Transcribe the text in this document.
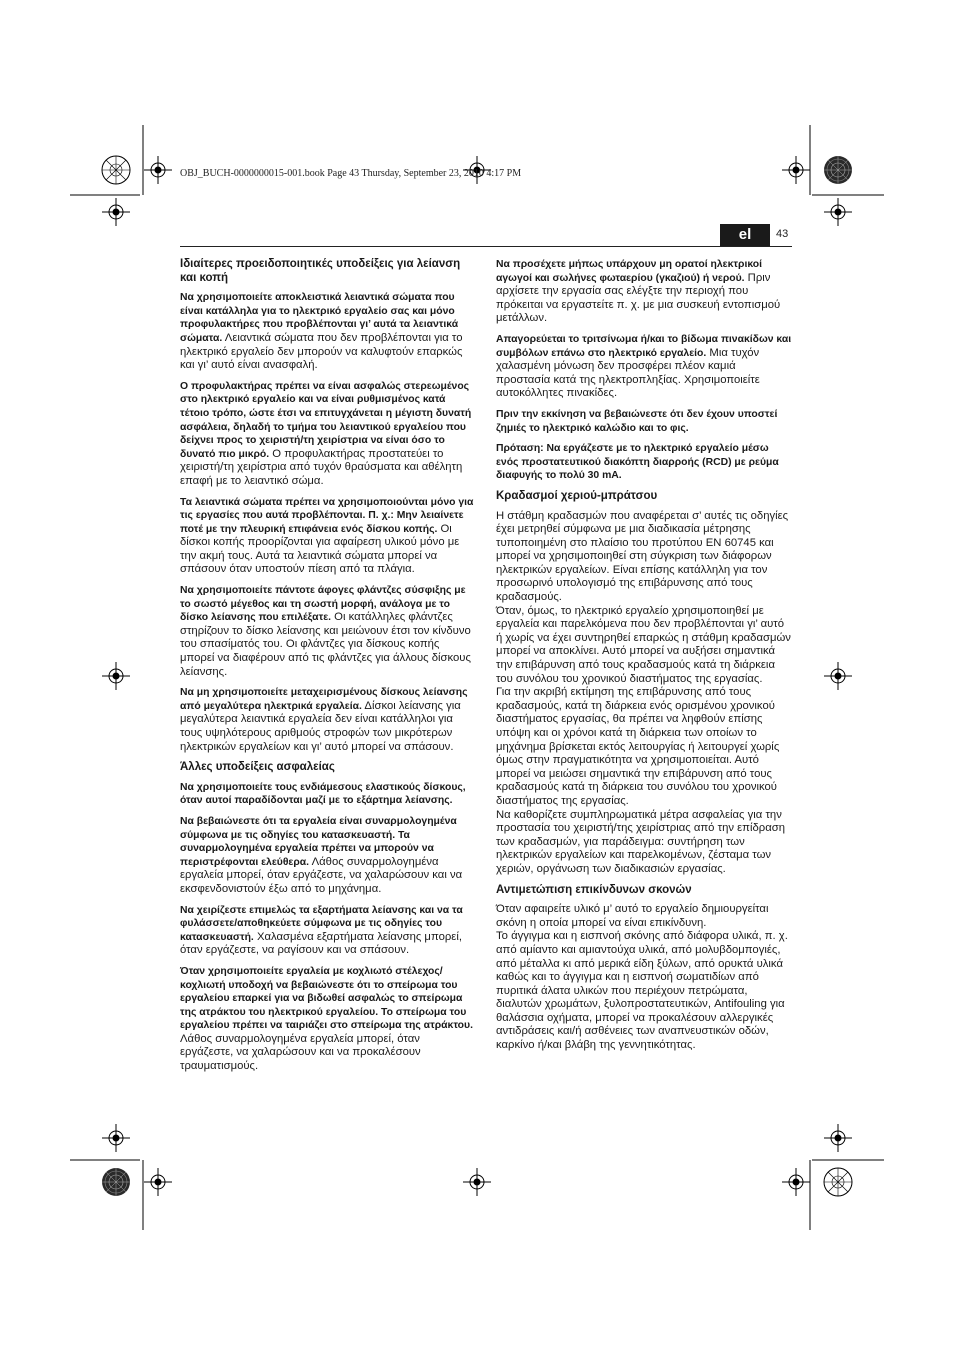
OBJ_BUCH-0000000015-001.book Page 43 Thursday, September 23, 2010 4:17 PM
el	43
Ιδιαίτερες προειδοποιητικές υποδείξεις για λείανση και κοπή

Να χρησιμοποιείτε αποκλειστικά λειαντικά σώματα που είναι κατάλληλα για το ηλεκτρικό εργαλείο σας και μόνο προφυλακτήρες που προβλέπονται γι’ αυτά τα λειαντικά σώματα. Λειαντικά σώματα που δεν προβλέπονται για το ηλεκτρικό εργαλείο δεν μπορούν να καλυφτούν επαρκώς και γι’ αυτό είναι ανασφαλή.

Ο προφυλακτήρας πρέπει να είναι ασφαλώς στερεωμένος στο ηλεκτρικό εργαλείο και να είναι ρυθμισμένος κατά τέτοιο τρόπο, ώστε έτσι να επιτυγχάνεται η μέγιστη δυνατή ασφάλεια, δηλαδή το τμήμα του λειαντικού εργαλείου που δείχνει προς το χειριστή/τη χειρίστρια να είναι όσο το δυνατό πιο μικρό. Ο προφυλακτήρας προστατεύει το χειριστή/τη χειρίστρια από τυχόν θραύσματα και αθέλητη επαφή με το λειαντικό σώμα.

Τα λειαντικά σώματα πρέπει να χρησιμοποιούνται μόνο για τις εργασίες που αυτά προβλέπονται. Π. χ.: Μην λειαίνετε ποτέ με την πλευρική επιφάνεια ενός δίσκου κοπής. Οι δίσκοι κοπής προορίζονται για αφαίρεση υλικού μόνο με την ακμή τους. Αυτά τα λειαντικά σώματα μπορεί να σπάσουν όταν υποστούν πίεση από τα πλάγια.

Να χρησιμοποιείτε πάντοτε άφογες φλάντζες σύσφιξης με το σωστό μέγεθος και τη σωστή μορφή, ανάλογα με το δίσκο λείανσης που επιλέξατε. Οι κατάλληλες φλάντζες στηρίζουν το δίσκο λείανσης και μειώνουν έτσι τον κίνδυνο του σπασίματός του. Οι φλάντζες για δίσκους κοπής μπορεί να διαφέρουν από τις φλάντζες για άλλους δίσκους λείανσης.

Να μη χρησιμοποιείτε μεταχειρισμένους δίσκους λείανσης από μεγαλύτερα ηλεκτρικά εργαλεία. Δίσκοι λείανσης για μεγαλύτερα λειαντικά εργαλεία δεν είναι κατάλληλοι για τους υψηλότερους αριθμούς στροφών των μικρότερων ηλεκτρικών εργαλείων και γι’ αυτό μπορεί να σπάσουν.

Άλλες υποδείξεις ασφαλείας

Να χρησιμοποιείτε τους ενδιάμεσους ελαστικούς δίσκους, όταν αυτοί παραδίδονται μαζί με το εξάρτημα λείανσης.

Να βεβαιώνεστε ότι τα εργαλεία είναι συναρμολογημένα σύμφωνα με τις οδηγίες του κατασκευαστή. Τα συναρμολογημένα εργαλεία πρέπει να μπορούν να περιστρέφονται ελεύθερα. Λάθος συναρμολογημένα εργαλεία μπορεί, όταν εργάζεστε, να χαλαρώσουν και να εκσφενδονιστούν έξω από το μηχάνημα.

Να χειρίζεστε επιμελώς τα εξαρτήματα λείανσης και να τα φυλάσσετε/αποθηκεύετε σύμφωνα με τις οδηγίες του κατασκευαστή. Χαλασμένα εξαρτήματα λείανσης μπορεί, όταν εργάζεστε, να ραγίσουν και να σπάσουν.

Όταν χρησιμοποιείτε εργαλεία με κοχλιωτό στέλεχος/κοχλιωτή υποδοχή να βεβαιώνεστε ότι το σπείρωμα του εργαλείου επαρκεί για να βιδωθεί ασφαλώς το σπείρωμα της ατράκτου του ηλεκτρικού εργαλείου. Το σπείρωμα του εργαλείου πρέπει να ταιριάζει στο σπείρωμα της ατράκτου. Λάθος συναρμολογημένα εργαλεία μπορεί, όταν εργάζεστε, να χαλαρώσουν και να προκαλέσουν τραυματισμούς.

Να προσέχετε μήπως υπάρχουν μη ορατοί ηλεκτρικοί αγωγοί και σωλήνες φωταερίου (γκαζιού) ή νερού. Πριν αρχίσετε την εργασία σας ελέγξτε την περιοχή που πρόκειται να εργαστείτε π. χ. με μια συσκευή εντοπισμού μετάλλων.

Απαγορεύεται το τριτσίνωμα ή/και το βίδωμα πινακίδων και συμβόλων επάνω στο ηλεκτρικό εργαλείο. Μια τυχόν χαλασμένη μόνωση δεν προσφέρει πλέον καμιά προστασία κατά της ηλεκτροπληξίας. Χρησιμοποιείτε αυτοκόλλητες πινακίδες.

Πριν την εκκίνηση να βεβαιώνεστε ότι δεν έχουν υποστεί ζημιές το ηλεκτρικό καλώδιο και το φις.

Πρόταση: Να εργάζεστε με το ηλεκτρικό εργαλείο μέσω ενός προστατευτικού διακόπτη διαρροής (RCD) με ρεύμα διαφυγής το πολύ 30 mA.

Κραδασμοί χεριού-μπράτσου

Η στάθμη κραδασμών που αναφέρεται σ’ αυτές τις οδηγίες έχει μετρηθεί σύμφωνα με μια διαδικασία μέτρησης τυποποιημένη στο πλαίσιο του προτύπου EN 60745 και μπορεί να χρησιμοποιηθεί στη σύγκριση των διάφορων ηλεκτρικών εργαλείων. Είναι επίσης κατάλληλη για τον προσωρινό υπολογισμό της επιβάρυνσης από τους κραδασμούς.

Όταν, όμως, το ηλεκτρικό εργαλείο χρησιμοποιηθεί με εργαλεία και παρελκόμενα που δεν προβλέπονται γι’ αυτό ή χωρίς να έχει συντηρηθεί επαρκώς η στάθμη κραδασμών μπορεί να αποκλίνει. Αυτό μπορεί να αυξήσει σημαντικά την επιβάρυνση από τους κραδασμούς κατά τη διάρκεια του συνόλου του χρονικού διαστήματος της εργασίας.

Για την ακριβή εκτίμηση της επιβάρυνσης από τους κραδασμούς, κατά τη διάρκεια ενός ορισμένου χρονικού διαστήματος εργασίας, θα πρέπει να ληφθούν επίσης υπόψη και οι χρόνοι κατά τη διάρκεια των οποίων το μηχάνημα βρίσκεται εκτός λειτουργίας ή λειτουργεί χωρίς όμως στην πραγματικότητα να χρησιμοποιείται. Αυτό μπορεί να μειώσει σημαντικά την επιβάρυνση από τους κραδασμούς κατά τη διάρκεια του συνόλου του χρονικού διαστήματος της εργασίας.

Να καθορίζετε συμπληρωματικά μέτρα ασφαλείας για την προστασία του χειριστή/της χειρίστριας από την επίδραση των κραδασμών, για παράδειγμα: συντήρηση των ηλεκτρικών εργαλείων και παρελκομένων, ζέσταμα των χεριών, οργάνωση των διαδικασιών εργασίας.

Αντιμετώπιση επικίνδυνων σκονών

Όταν αφαιρείτε υλικό μ’ αυτό το εργαλείο δημιουργείται σκόνη η οποία μπορεί να είναι επικίνδυνη.

Το άγγιγμα και η εισπνοή σκόνης από διάφορα υλικά, π. χ. από αμίαντο και αμιαντούχα υλικά, από μολυβδομπογιές, από μέταλλα κι από μερικά είδη ξύλων, από ορυκτά υλικά καθώς και το άγγιγμα και η εισπνοή σωματιδίων από πυριτικά άλατα υλικών που περιέχουν πετρώματα, διαλυτών χρωμάτων, ξυλοπροστατευτικών, Antifouling για θαλάσσια οχήματα, μπορεί να προκαλέσουν αλλεργικές αντιδράσεις και/ή ασθένειες των αναπνευστικών οδών, καρκίνο ή/και βλάβη της γεννητικότητας.
